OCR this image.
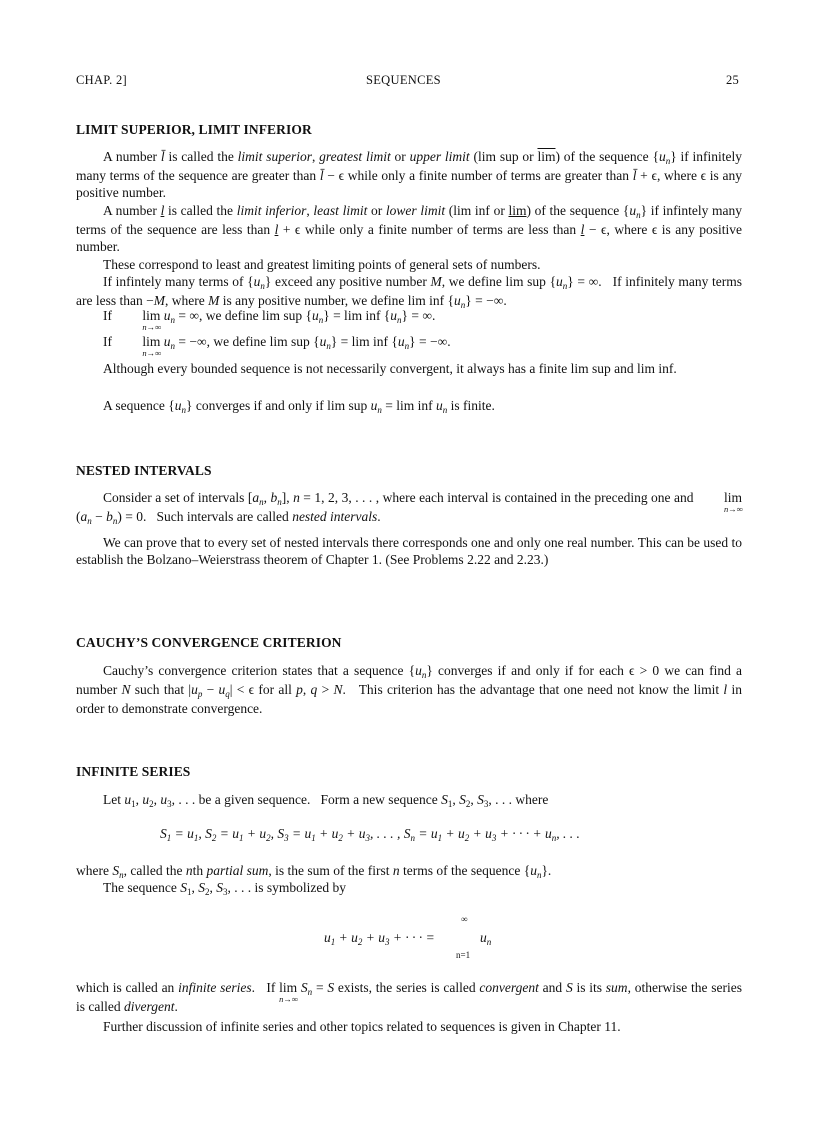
CHAP. 2]	SEQUENCES	25
LIMIT SUPERIOR, LIMIT INFERIOR
A number l̄ is called the limit superior, greatest limit or upper limit (lim sup or $\overline{lim}$) of the sequence $\{u_n\}$ if infinitely many terms of the sequence are greater than l̄ − ϵ while only a finite number of terms are greater than l̄ + ϵ, where ϵ is any positive number.
A number l is called the limit inferior, least limit or lower limit (lim inf or lim) of the sequence $\{u_n\}$ if infintely many terms of the sequence are less than l + ϵ while only a finite number of terms are less than l − ϵ, where ϵ is any positive number.
These correspond to least and greatest limiting points of general sets of numbers.
If infintely many terms of $\{u_n\}$ exceed any positive number M, we define lim sup $\{u_n\}$ = ∞.   If infinitely many terms are less than −M, where M is any positive number, we define lim inf $\{u_n\}$ = −∞.
If lim
n→∞
$u_n$ = ∞, we define lim sup $\{u_n\} = \lim$ inf $\{u_n\}$ = ∞.
If lim
n→∞
$u_n$ = −∞, we define lim sup $\{u_n\} = \lim$ inf $\{u_n\}$ = −∞.
Although every bounded sequence is not necessarily convergent, it always has a finite lim sup and lim inf.
A sequence $\{u_n\}$ converges if and only if lim sup $u_n = \lim$ inf $u_n$ is finite.
NESTED INTERVALS
Consider a set of intervals [$a_n$, $b_n$], n = 1, 2, 3, . . . , where each interval is contained in the preceding one and lim
n→∞
$(a_n - b_n) = 0$.   Such intervals are called nested intervals.
We can prove that to every set of nested intervals there corresponds one and only one real number. This can be used to establish the Bolzano–Weierstrass theorem of Chapter 1. (See Problems 2.22 and 2.23.)
CAUCHY’S CONVERGENCE CRITERION
Cauchy’s convergence criterion states that a sequence $\{u_n\}$ converges if and only if for each ϵ > 0 we can find a number N such that $|u_p - u_q| < \epsilon$ for all p, q > N.   This criterion has the advantage that one need not know the limit l in order to demonstrate convergence.
INFINITE SERIES
Let $u_1$, $u_2$, $u_3$, . . . be a given sequence.   Form a new sequence $S_1$, $S_2$, $S_3$, . . . where
$S_1 = u_1$, $S_2 = u_1 + u_2$, $S_3 = u_1 + u_2 + u_3$, . . . , $S_n = u_1 + u_2 + u_3$ + · · · + $u_n$, . . .
where $S_n$, called the nth partial sum, is the sum of the first n terms of the sequence $\{u_n\}$.
The sequence $S_1$, $S_2$, $S_3$, . . . is symbolized by
$u_1 + u_2 + u_3$ + · · · =
∞
$u_n$
n=1
which is called an infinite series.   If lim
n→∞
$S_n = S$ exists, the series is called convergent and S is its sum, otherwise the series is called divergent.
Further discussion of infinite series and other topics related to sequences is given in Chapter 11.
